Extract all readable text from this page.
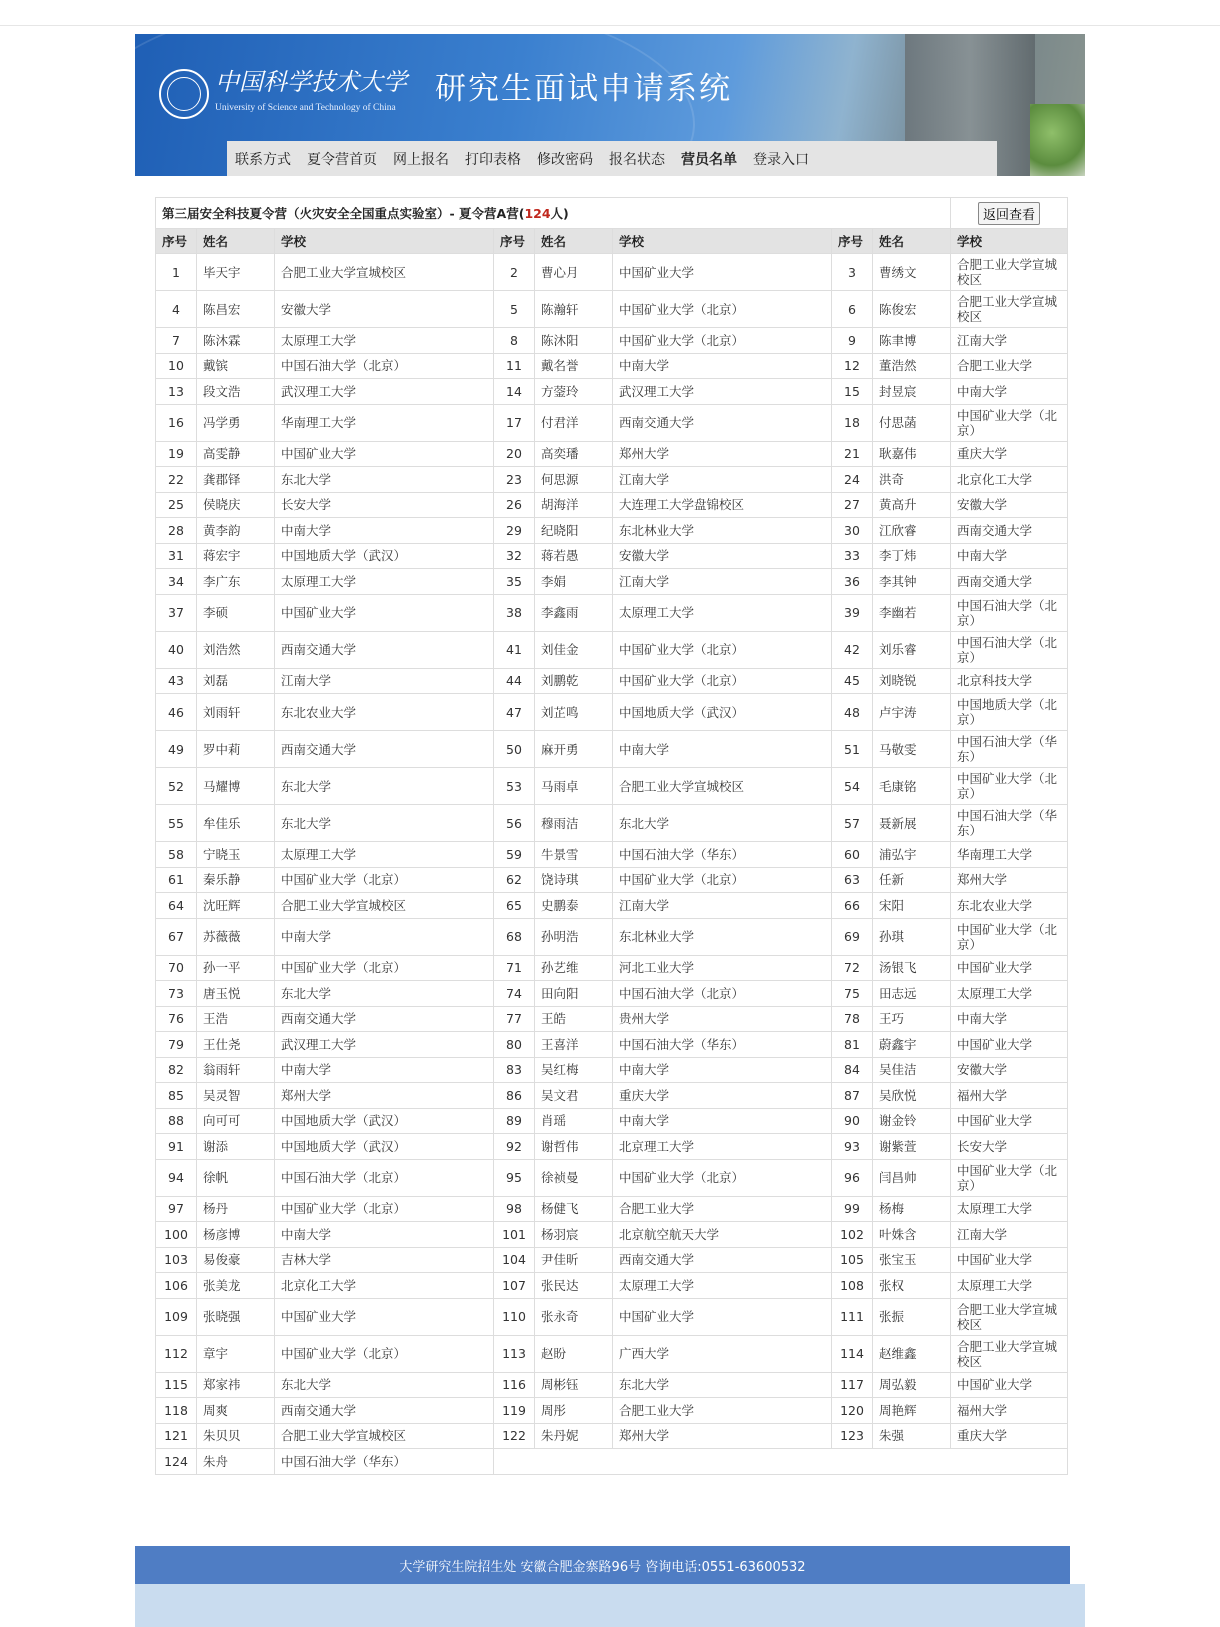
中国科学技术大学
University of Science and Technology of China
研究生面试申请系统
联系方式 夏令营首页 网上报名 打印表格 修改密码 报名状态 营员名单 登录入口
第三届安全科技夏令营（火灾安全全国重点实验室）- 夏令营A营(124人)								返回查看
序号	姓名	学校	序号	姓名	学校	序号	姓名	学校
1	毕天宇	合肥工业大学宣城校区	2	曹心月	中国矿业大学	3	曹绣文	合肥工业大学宣城校区
4	陈昌宏	安徽大学	5	陈瀚轩	中国矿业大学（北京）	6	陈俊宏	合肥工业大学宣城校区
7	陈沐霖	太原理工大学	8	陈沐阳	中国矿业大学（北京）	9	陈聿博	江南大学
10	戴镔	中国石油大学（北京）	11	戴名誉	中南大学	12	董浩然	合肥工业大学
13	段文浩	武汉理工大学	14	方蓥玲	武汉理工大学	15	封昱宸	中南大学
16	冯学勇	华南理工大学	17	付君洋	西南交通大学	18	付思菡	中国矿业大学（北京）
19	高雯静	中国矿业大学	20	高奕璠	郑州大学	21	耿嘉伟	重庆大学
22	龚郡铎	东北大学	23	何思源	江南大学	24	洪奇	北京化工大学
25	侯晓庆	长安大学	26	胡海洋	大连理工大学盘锦校区	27	黄高升	安徽大学
28	黄李韵	中南大学	29	纪晓阳	东北林业大学	30	江欣睿	西南交通大学
31	蒋宏宇	中国地质大学（武汉）	32	蒋若愚	安徽大学	33	李丁炜	中南大学
34	李广东	太原理工大学	35	李娟	江南大学	36	李其钟	西南交通大学
37	李硕	中国矿业大学	38	李鑫雨	太原理工大学	39	李幽若	中国石油大学（北京）
40	刘浩然	西南交通大学	41	刘佳金	中国矿业大学（北京）	42	刘乐睿	中国石油大学（北京）
43	刘磊	江南大学	44	刘鹏乾	中国矿业大学（北京）	45	刘晓锐	北京科技大学
46	刘雨轩	东北农业大学	47	刘芷鸣	中国地质大学（武汉）	48	卢宇涛	中国地质大学（北京）
49	罗中莉	西南交通大学	50	麻开勇	中南大学	51	马敬雯	中国石油大学（华东）
52	马耀博	东北大学	53	马雨卓	合肥工业大学宣城校区	54	毛康铭	中国矿业大学（北京）
55	牟佳乐	东北大学	56	穆雨洁	东北大学	57	聂新展	中国石油大学（华东）
58	宁晓玉	太原理工大学	59	牛景雪	中国石油大学（华东）	60	浦弘宇	华南理工大学
61	秦乐静	中国矿业大学（北京）	62	饶诗琪	中国矿业大学（北京）	63	任新	郑州大学
64	沈旺辉	合肥工业大学宣城校区	65	史鹏泰	江南大学	66	宋阳	东北农业大学
67	苏薇薇	中南大学	68	孙明浩	东北林业大学	69	孙琪	中国矿业大学（北京）
70	孙一平	中国矿业大学（北京）	71	孙艺维	河北工业大学	72	汤银飞	中国矿业大学
73	唐玉悦	东北大学	74	田向阳	中国石油大学（北京）	75	田志远	太原理工大学
76	王浩	西南交通大学	77	王皓	贵州大学	78	王巧	中南大学
79	王仕尧	武汉理工大学	80	王喜洋	中国石油大学（华东）	81	蔚鑫宇	中国矿业大学
82	翁雨轩	中南大学	83	吴红梅	中南大学	84	吴佳洁	安徽大学
85	吴灵智	郑州大学	86	吴文君	重庆大学	87	吴欣悦	福州大学
88	向可可	中国地质大学（武汉）	89	肖瑶	中南大学	90	谢金铃	中国矿业大学
91	谢添	中国地质大学（武汉）	92	谢哲伟	北京理工大学	93	谢紫萱	长安大学
94	徐帆	中国石油大学（北京）	95	徐祯曼	中国矿业大学（北京）	96	闫昌帅	中国矿业大学（北京）
97	杨丹	中国矿业大学（北京）	98	杨健飞	合肥工业大学	99	杨梅	太原理工大学
100	杨彦博	中南大学	101	杨羽宸	北京航空航天大学	102	叶姝含	江南大学
103	易俊豪	吉林大学	104	尹佳昕	西南交通大学	105	张宝玉	中国矿业大学
106	张美龙	北京化工大学	107	张民达	太原理工大学	108	张权	太原理工大学
109	张晓强	中国矿业大学	110	张永奇	中国矿业大学	111	张振	合肥工业大学宣城校区
112	章宇	中国矿业大学（北京）	113	赵盼	广西大学	114	赵维鑫	合肥工业大学宣城校区
115	郑家祎	东北大学	116	周彬钰	东北大学	117	周弘毅	中国矿业大学
118	周爽	西南交通大学	119	周彤	合肥工业大学	120	周艳辉	福州大学
121	朱贝贝	合肥工业大学宣城校区	122	朱丹妮	郑州大学	123	朱强	重庆大学
124	朱舟	中国石油大学（华东）						
大学研究生院招生处 安徽合肥金寨路96号 咨询电话:0551-63600532
